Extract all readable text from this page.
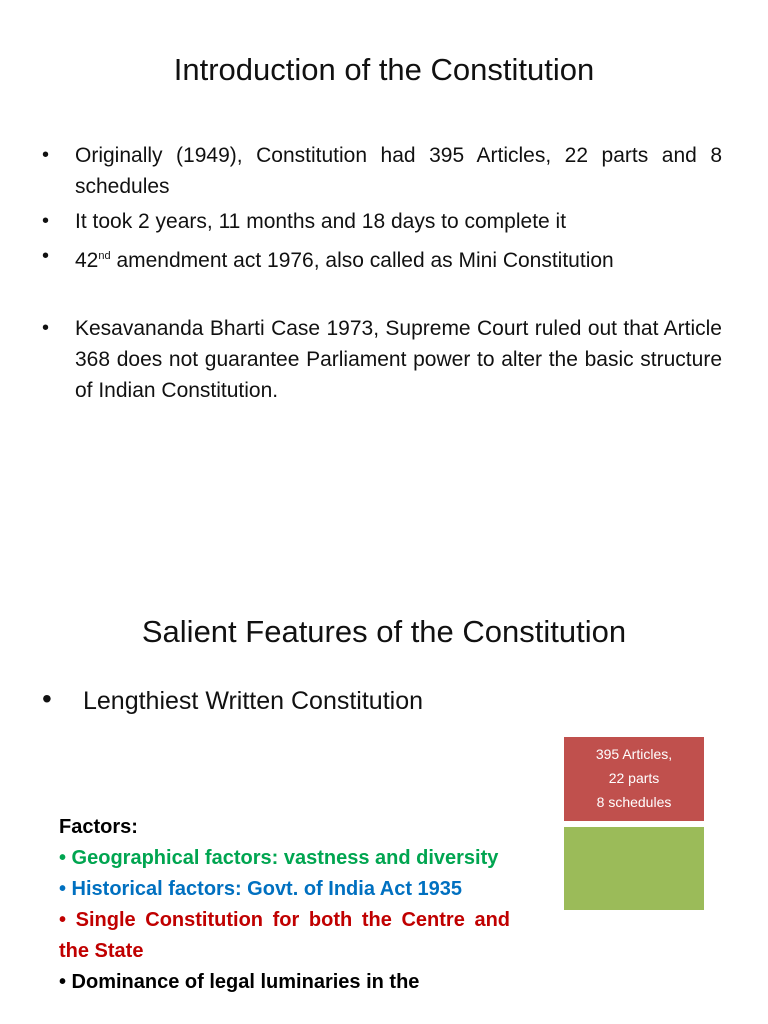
Introduction of the Constitution
•	Originally (1949), Constitution had 395 Articles, 22 parts and 8 schedules
•	It took 2 years, 11 months and 18 days to complete it
•	42nd amendment act 1976, also called as Mini Constitution
•	Kesavananda Bharti Case 1973, Supreme Court ruled out that Article 368 does not guarantee Parliament power to alter the basic structure of Indian Constitution.
Salient Features of the Constitution
•	Lengthiest Written Constitution
395 Articles,
22 parts
8 schedules
Factors:
• Geographical factors: vastness and diversity
• Historical factors: Govt. of India Act 1935
• Single Constitution for both the Centre and the State
• Dominance of legal luminaries in the
